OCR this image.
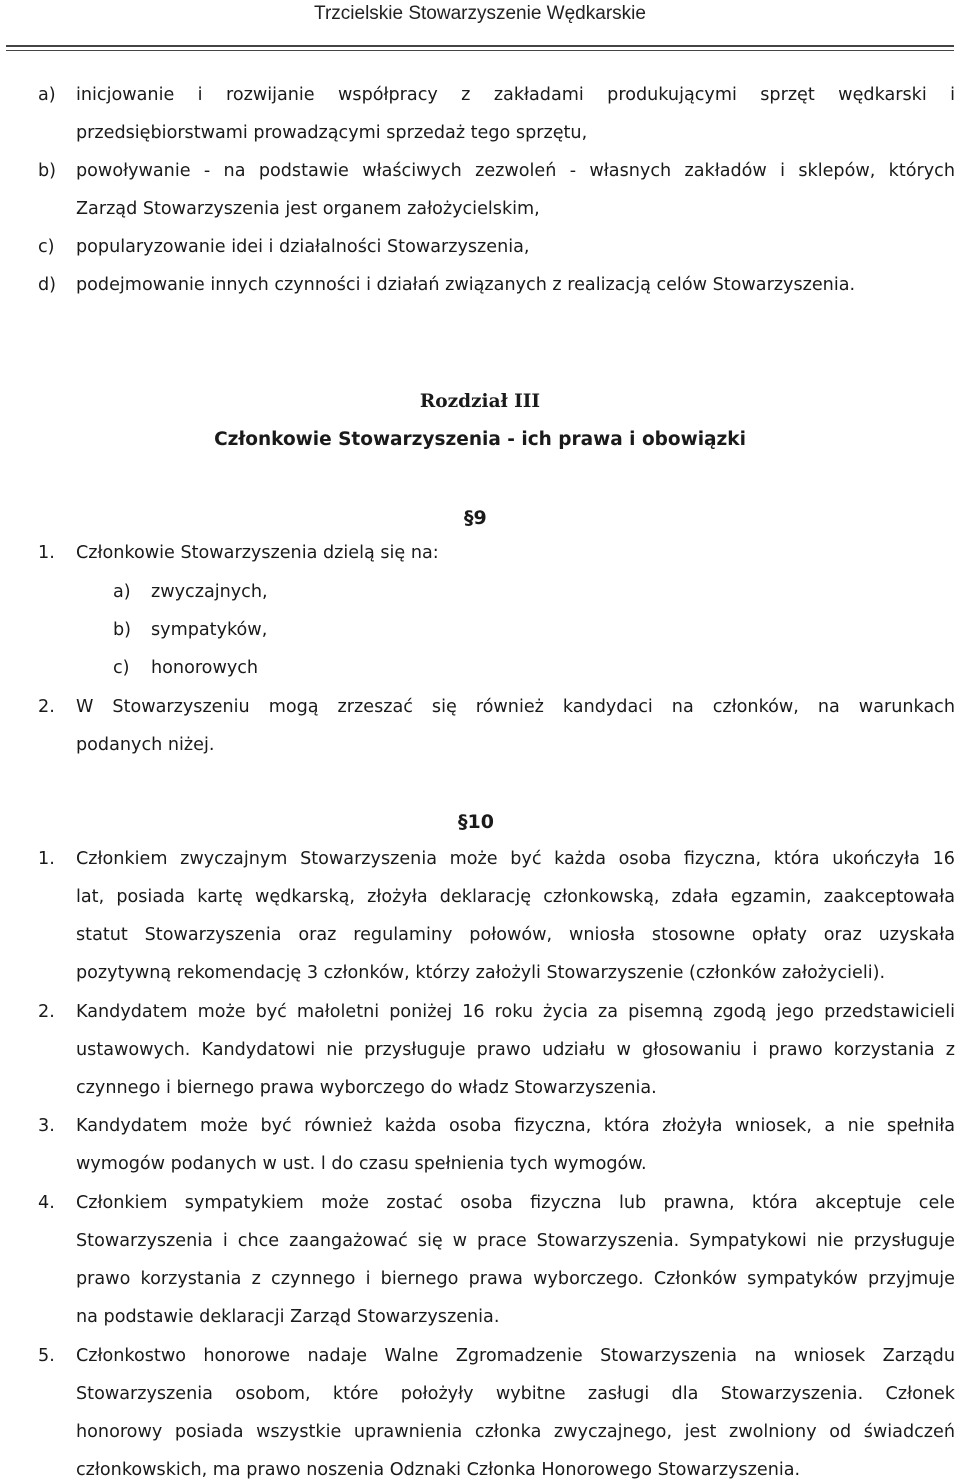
Trzcielskie Stowarzyszenie Wędkarskie
a) inicjowanie i rozwijanie współpracy z zakładami produkującymi sprzęt wędkarski i
przedsiębiorstwami prowadzącymi sprzedaż tego sprzętu,
b) powoływanie - na podstawie właściwych zezwoleń - własnych zakładów i sklepów, których
Zarząd Stowarzyszenia jest organem założycielskim,
c) popularyzowanie idei i działalności Stowarzyszenia,
d) podejmowanie innych czynności i działań związanych z realizacją celów Stowarzyszenia.
Rozdział III
Członkowie Stowarzyszenia - ich prawa i obowiązki
§9
1. Członkowie Stowarzyszenia dzielą się na:
a) zwyczajnych,
b) sympatyków,
c) honorowych
2. W Stowarzyszeniu mogą zrzeszać się również kandydaci na członków, na warunkach
podanych niżej.
§10
1. Członkiem zwyczajnym Stowarzyszenia może być każda osoba fizyczna, która ukończyła 16
lat, posiada kartę wędkarską, złożyła deklarację członkowską, zdała egzamin, zaakceptowała
statut Stowarzyszenia oraz regulaminy połowów, wniosła stosowne opłaty oraz uzyskała
pozytywną rekomendację 3 członków, którzy założyli Stowarzyszenie (członków założycieli).
2. Kandydatem może być małoletni poniżej 16 roku życia za pisemną zgodą jego przedstawicieli
ustawowych. Kandydatowi nie przysługuje prawo udziału w głosowaniu i prawo korzystania z
czynnego i biernego prawa wyborczego do władz Stowarzyszenia.
3. Kandydatem może być również każda osoba fizyczna, która złożyła wniosek, a nie spełniła
wymogów podanych w ust. l do czasu spełnienia tych wymogów.
4. Członkiem sympatykiem może zostać osoba fizyczna lub prawna, która akceptuje cele
Stowarzyszenia i chce zaangażować się w prace Stowarzyszenia. Sympatykowi nie przysługuje
prawo korzystania z czynnego i biernego prawa wyborczego. Członków sympatyków przyjmuje
na podstawie deklaracji Zarząd Stowarzyszenia.
5. Członkostwo honorowe nadaje Walne Zgromadzenie Stowarzyszenia na wniosek Zarządu
Stowarzyszenia osobom, które położyły wybitne zasługi dla Stowarzyszenia. Członek
honorowy posiada wszystkie uprawnienia członka zwyczajnego, jest zwolniony od świadczeń
członkowskich, ma prawo noszenia Odznaki Członka Honorowego Stowarzyszenia.
